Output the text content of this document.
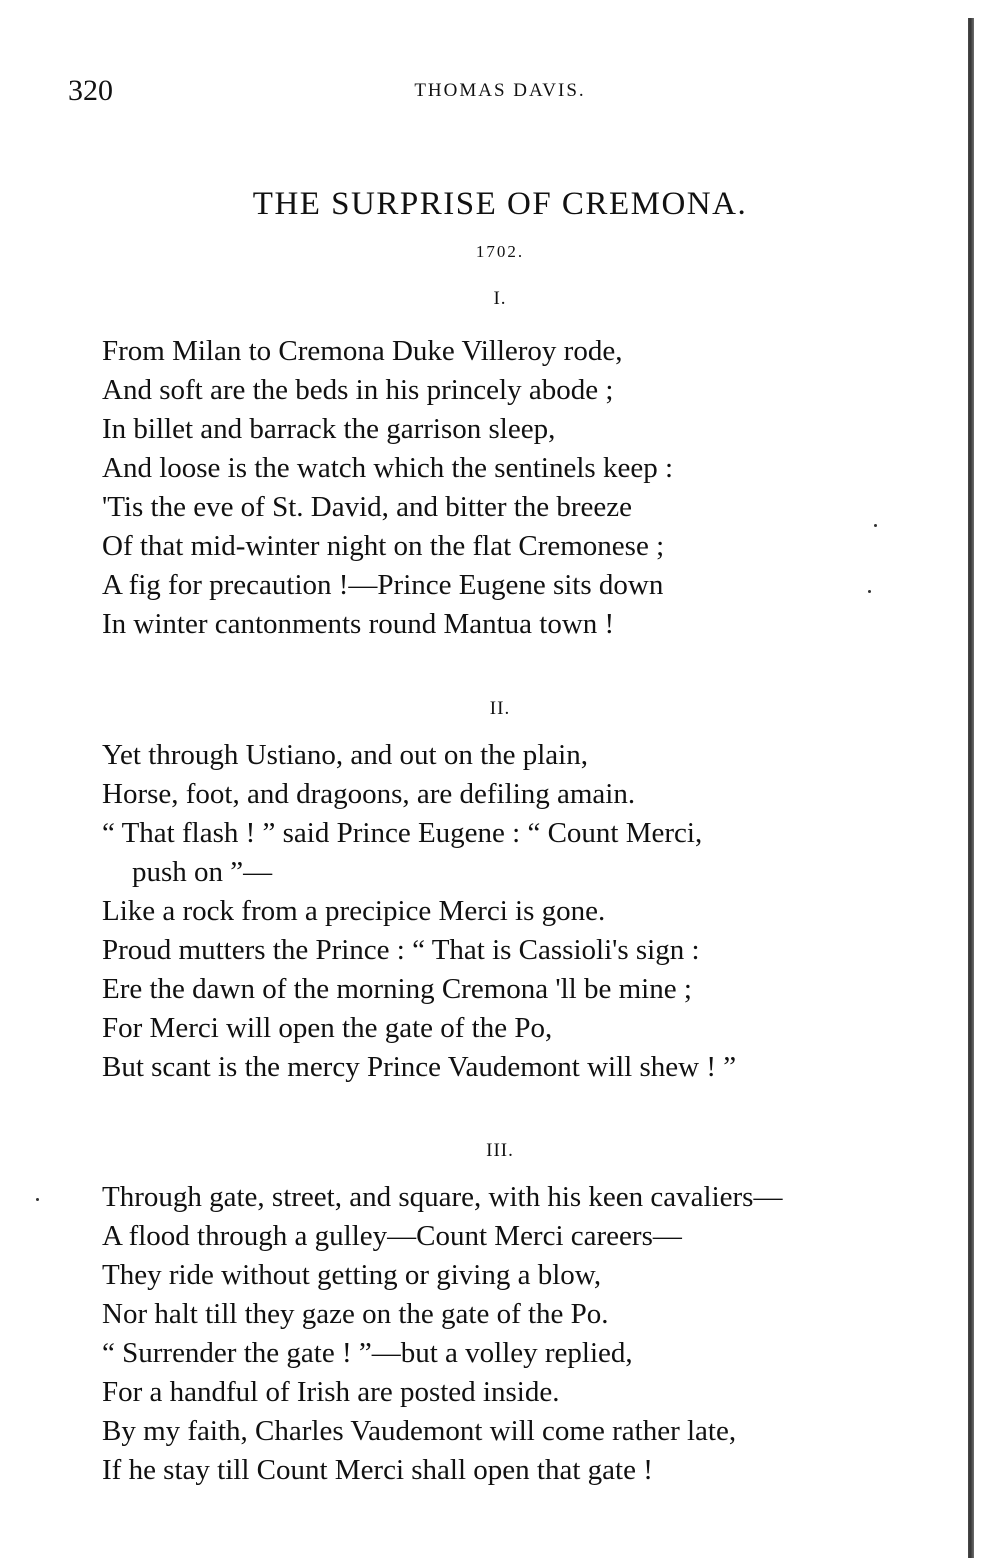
320	THOMAS DAVIS.
THE SURPRISE OF CREMONA.
1702.
I.
From Milan to Cremona Duke Villeroy rode,
And soft are the beds in his princely abode ;
In billet and barrack the garrison sleep,
And loose is the watch which the sentinels keep :
'Tis the eve of St. David, and bitter the breeze
Of that mid-winter night on the flat Cremonese ;
A fig for precaution !—Prince Eugene sits down
In winter cantonments round Mantua town !
II.
Yet through Ustiano, and out on the plain,
Horse, foot, and dragoons, are defiling amain.
“ That flash ! ” said Prince Eugene : “ Count Merci,
push on ”—
Like a rock from a precipice Merci is gone.
Proud mutters the Prince : “ That is Cassioli's sign :
Ere the dawn of the morning Cremona 'll be mine ;
For Merci will open the gate of the Po,
But scant is the mercy Prince Vaudemont will shew ! ”
III.
Through gate, street, and square, with his keen cavaliers—
A flood through a gulley—Count Merci careers—
They ride without getting or giving a blow,
Nor halt till they gaze on the gate of the Po.
“ Surrender the gate ! ”—but a volley replied,
For a handful of Irish are posted inside.
By my faith, Charles Vaudemont will come rather late,
If he stay till Count Merci shall open that gate !
